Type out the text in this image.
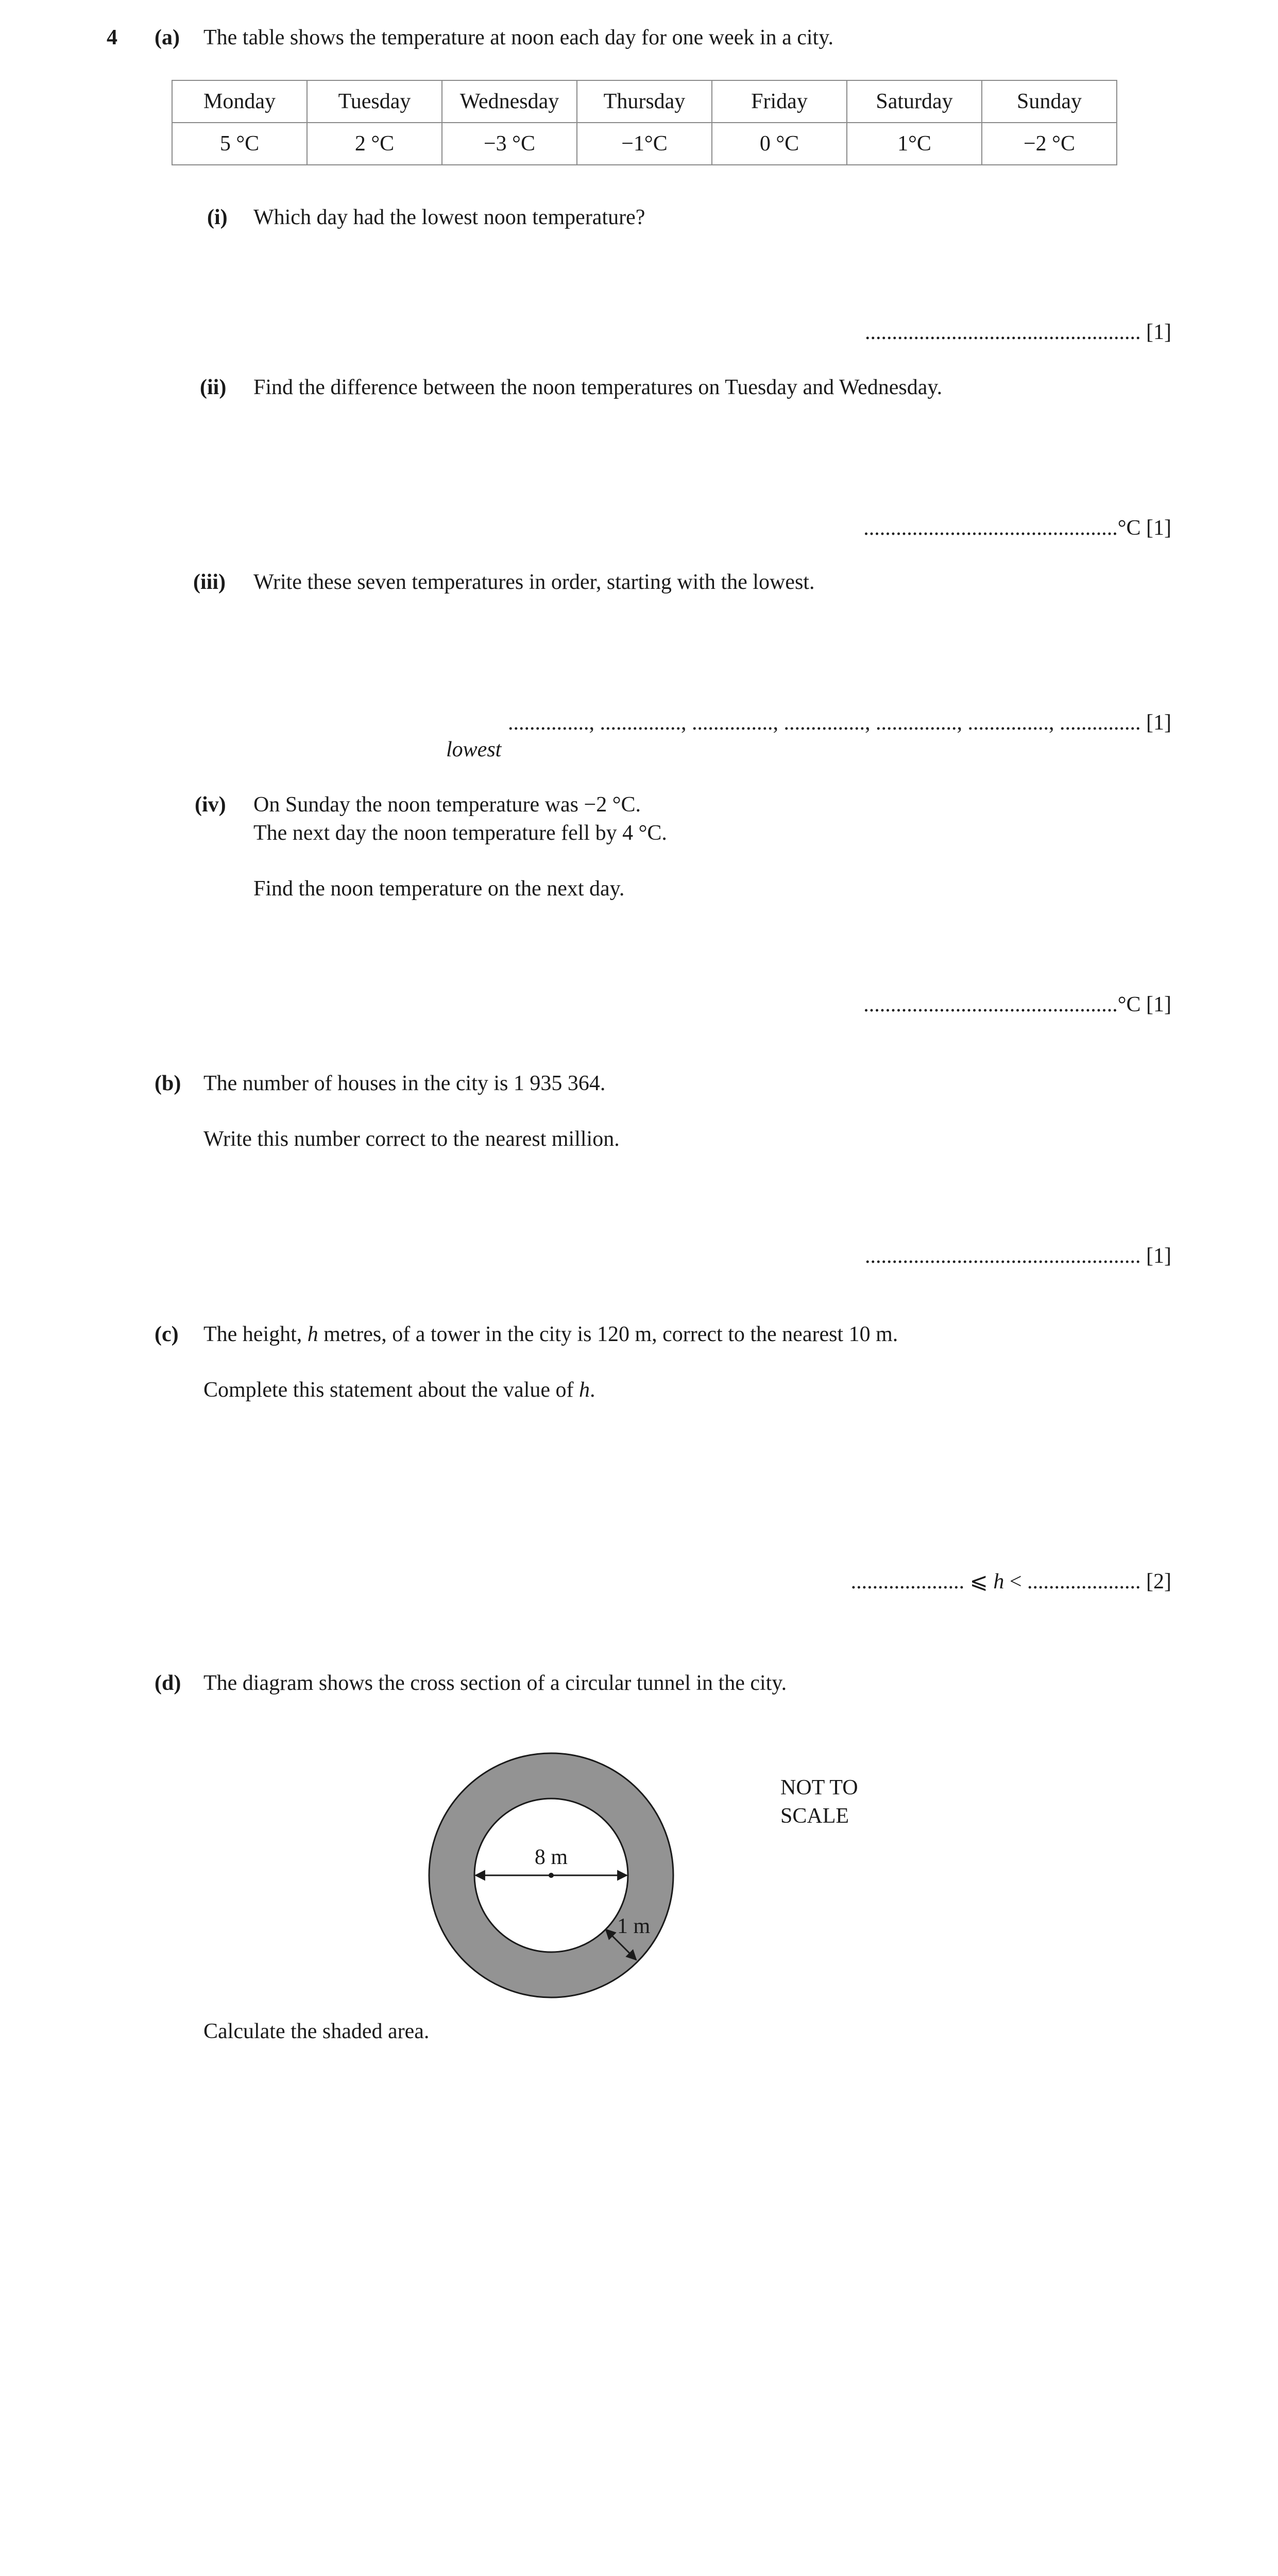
4 (a) The table shows the temperature at noon each day for one week in a city.
Monday	Tuesday	Wednesday	Thursday	Friday	Saturday	Sunday
5 °C	2 °C	−3 °C	−1°C	0 °C	1°C	−2 °C
(i) Which day had the lowest noon temperature?
................................................... [1]
(ii) Find the difference between the noon temperatures on Tuesday and Wednesday.
...............................................°C [1]
(iii) Write these seven temperatures in order, starting with the lowest.
..............., ..............., ..............., ..............., ..............., ..............., ............... [1]
lowest
(iv) On Sunday the noon temperature was −2 °C.
The next day the noon temperature fell by 4 °C.
Find the noon temperature on the next day.
...............................................°C [1]
(b) The number of houses in the city is 1 935 364.
Write this number correct to the nearest million.
................................................... [1]
(c) The height, h metres, of a tower in the city is 120 m, correct to the nearest 10 m.
Complete this statement about the value of h.
..................... ⩽ h < ..................... [2]
(d) The diagram shows the cross section of a circular tunnel in the city.
NOT TO
SCALE
8 m
1 m
Calculate the shaded area.
